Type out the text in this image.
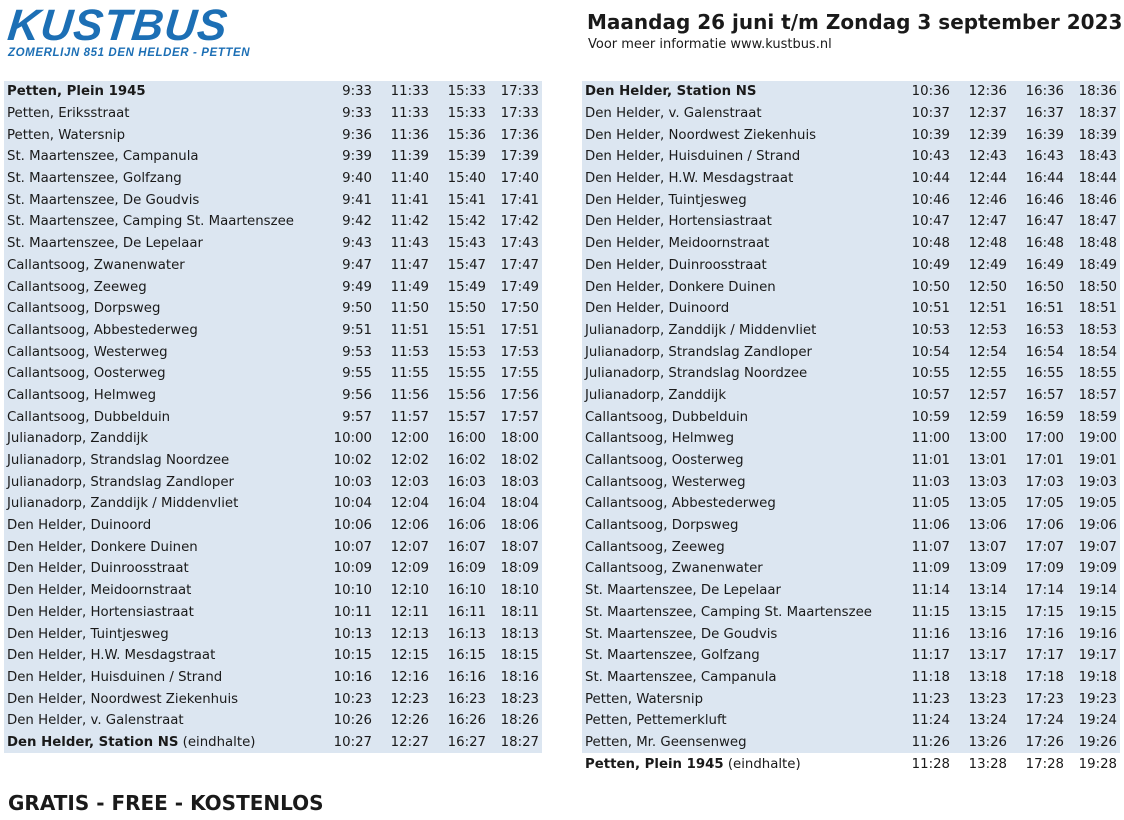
KUSTBUS
ZOMERLIJN 851 DEN HELDER - PETTEN
Maandag 26 juni t/m Zondag 3 september 2023
Voor meer informatie www.kustbus.nl
Petten, Plein 1945	9:33	11:33	15:33	17:33
Petten, Eriksstraat	9:33	11:33	15:33	17:33
Petten, Watersnip	9:36	11:36	15:36	17:36
St. Maartenszee, Campanula	9:39	11:39	15:39	17:39
St. Maartenszee, Golfzang	9:40	11:40	15:40	17:40
St. Maartenszee, De Goudvis	9:41	11:41	15:41	17:41
St. Maartenszee, Camping St. Maartenszee	9:42	11:42	15:42	17:42
St. Maartenszee, De Lepelaar	9:43	11:43	15:43	17:43
Callantsoog, Zwanenwater	9:47	11:47	15:47	17:47
Callantsoog, Zeeweg	9:49	11:49	15:49	17:49
Callantsoog, Dorpsweg	9:50	11:50	15:50	17:50
Callantsoog, Abbestederweg	9:51	11:51	15:51	17:51
Callantsoog, Westerweg	9:53	11:53	15:53	17:53
Callantsoog, Oosterweg	9:55	11:55	15:55	17:55
Callantsoog, Helmweg	9:56	11:56	15:56	17:56
Callantsoog, Dubbelduin	9:57	11:57	15:57	17:57
Julianadorp, Zanddijk	10:00	12:00	16:00	18:00
Julianadorp, Strandslag Noordzee	10:02	12:02	16:02	18:02
Julianadorp, Strandslag Zandloper	10:03	12:03	16:03	18:03
Julianadorp, Zanddijk / Middenvliet	10:04	12:04	16:04	18:04
Den Helder, Duinoord	10:06	12:06	16:06	18:06
Den Helder, Donkere Duinen	10:07	12:07	16:07	18:07
Den Helder, Duinroosstraat	10:09	12:09	16:09	18:09
Den Helder, Meidoornstraat	10:10	12:10	16:10	18:10
Den Helder, Hortensiastraat	10:11	12:11	16:11	18:11
Den Helder, Tuintjesweg	10:13	12:13	16:13	18:13
Den Helder, H.W. Mesdagstraat	10:15	12:15	16:15	18:15
Den Helder, Huisduinen / Strand	10:16	12:16	16:16	18:16
Den Helder, Noordwest Ziekenhuis	10:23	12:23	16:23	18:23
Den Helder, v. Galenstraat	10:26	12:26	16:26	18:26
Den Helder, Station NS (eindhalte)	10:27	12:27	16:27	18:27
Den Helder, Station NS	10:36	12:36	16:36	18:36
Den Helder, v. Galenstraat	10:37	12:37	16:37	18:37
Den Helder, Noordwest Ziekenhuis	10:39	12:39	16:39	18:39
Den Helder, Huisduinen / Strand	10:43	12:43	16:43	18:43
Den Helder, H.W. Mesdagstraat	10:44	12:44	16:44	18:44
Den Helder, Tuintjesweg	10:46	12:46	16:46	18:46
Den Helder, Hortensiastraat	10:47	12:47	16:47	18:47
Den Helder, Meidoornstraat	10:48	12:48	16:48	18:48
Den Helder, Duinroosstraat	10:49	12:49	16:49	18:49
Den Helder, Donkere Duinen	10:50	12:50	16:50	18:50
Den Helder, Duinoord	10:51	12:51	16:51	18:51
Julianadorp, Zanddijk / Middenvliet	10:53	12:53	16:53	18:53
Julianadorp, Strandslag Zandloper	10:54	12:54	16:54	18:54
Julianadorp, Strandslag Noordzee	10:55	12:55	16:55	18:55
Julianadorp, Zanddijk	10:57	12:57	16:57	18:57
Callantsoog, Dubbelduin	10:59	12:59	16:59	18:59
Callantsoog, Helmweg	11:00	13:00	17:00	19:00
Callantsoog, Oosterweg	11:01	13:01	17:01	19:01
Callantsoog, Westerweg	11:03	13:03	17:03	19:03
Callantsoog, Abbestederweg	11:05	13:05	17:05	19:05
Callantsoog, Dorpsweg	11:06	13:06	17:06	19:06
Callantsoog, Zeeweg	11:07	13:07	17:07	19:07
Callantsoog, Zwanenwater	11:09	13:09	17:09	19:09
St. Maartenszee, De Lepelaar	11:14	13:14	17:14	19:14
St. Maartenszee, Camping St. Maartenszee	11:15	13:15	17:15	19:15
St. Maartenszee, De Goudvis	11:16	13:16	17:16	19:16
St. Maartenszee, Golfzang	11:17	13:17	17:17	19:17
St. Maartenszee, Campanula	11:18	13:18	17:18	19:18
Petten, Watersnip	11:23	13:23	17:23	19:23
Petten, Pettemerkluft	11:24	13:24	17:24	19:24
Petten, Mr. Geensenweg	11:26	13:26	17:26	19:26
Petten, Plein 1945 (eindhalte)	11:28	13:28	17:28	19:28
GRATIS - FREE - KOSTENLOS
